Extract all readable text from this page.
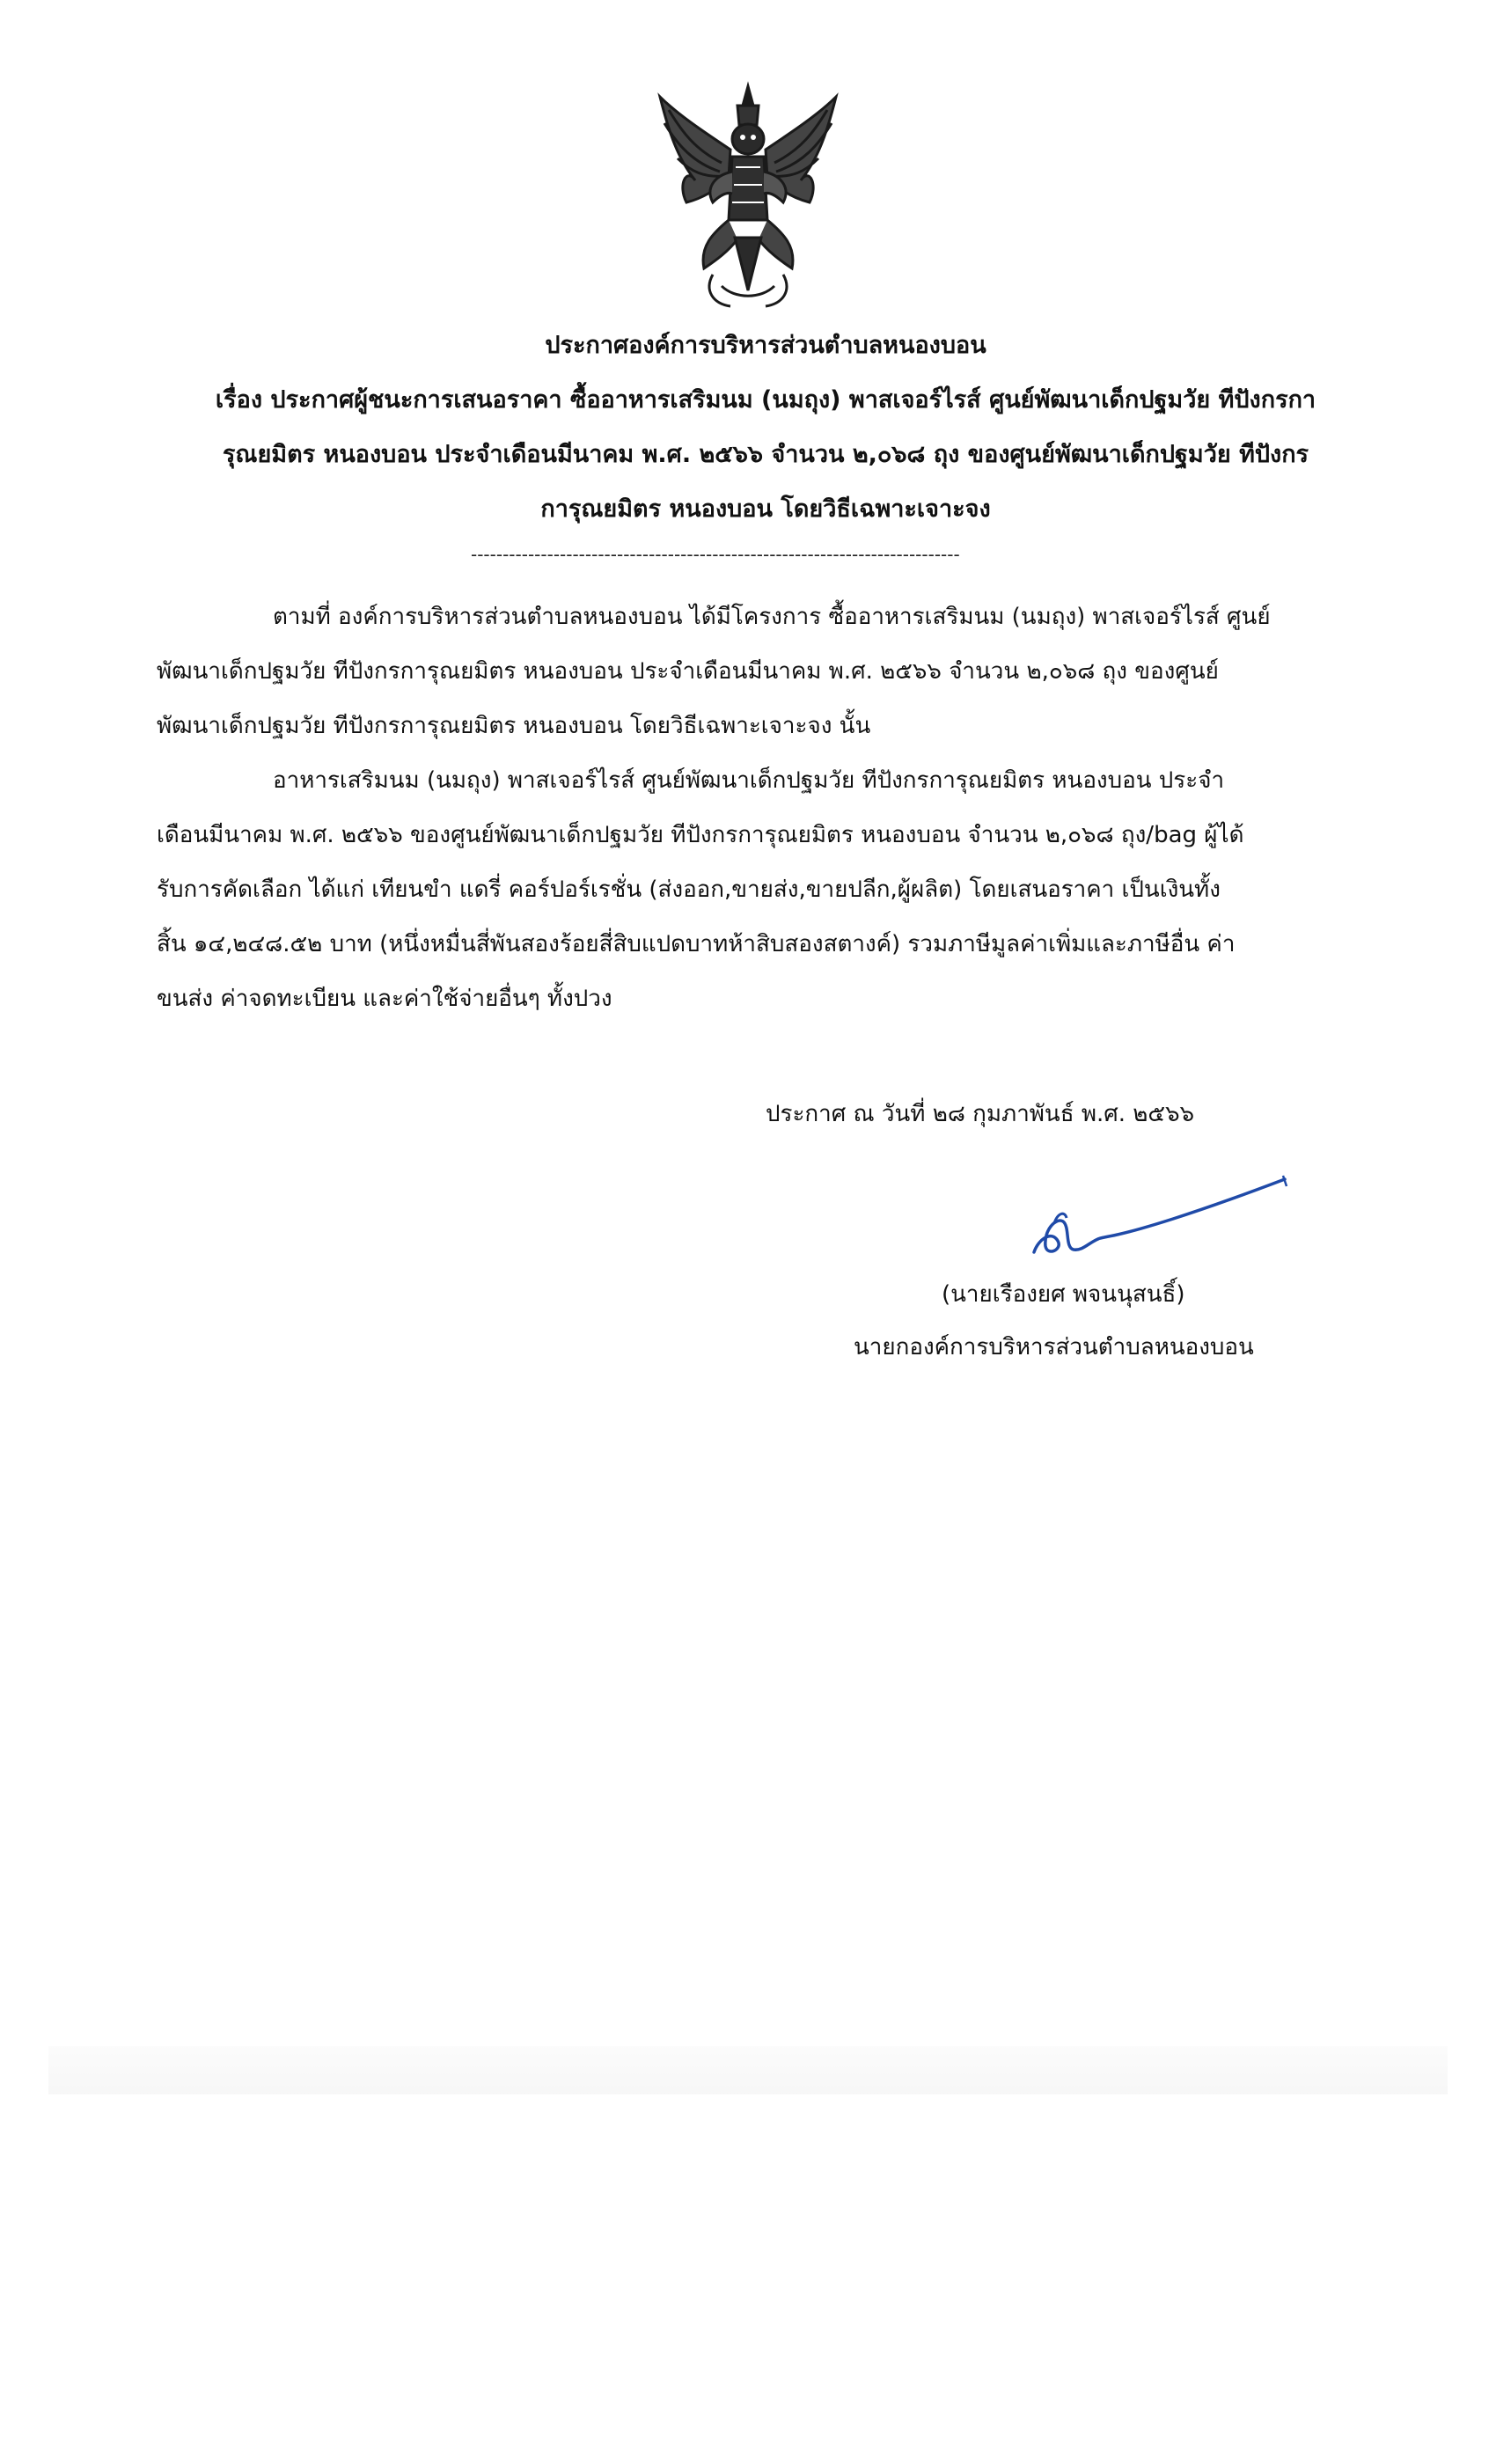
ประกาศองค์การบริหารส่วนตำบลหนองบอน
เรื่อง ประกาศผู้ชนะการเสนอราคา ซื้ออาหารเสริมนม (นมถุง) พาสเจอร์ไรส์ ศูนย์พัฒนาเด็กปฐมวัย ทีปังกรกา
รุณยมิตร หนองบอน ประจำเดือนมีนาคม พ.ศ. ๒๕๖๖ จำนวน ๒,๐๖๘ ถุง ของศูนย์พัฒนาเด็กปฐมวัย ทีปังกร
การุณยมิตร หนองบอน โดยวิธีเฉพาะเจาะจง
-----------------------------------------------------------------------------
ตามที่ องค์การบริหารส่วนตำบลหนองบอน ได้มีโครงการ ซื้ออาหารเสริมนม (นมถุง) พาสเจอร์ไรส์ ศูนย์
พัฒนาเด็กปฐมวัย ทีปังกรการุณยมิตร หนองบอน ประจำเดือนมีนาคม พ.ศ. ๒๕๖๖ จำนวน ๒,๐๖๘ ถุง ของศูนย์
พัฒนาเด็กปฐมวัย ทีปังกรการุณยมิตร หนองบอน โดยวิธีเฉพาะเจาะจง นั้น
อาหารเสริมนม (นมถุง) พาสเจอร์ไรส์ ศูนย์พัฒนาเด็กปฐมวัย ทีปังกรการุณยมิตร หนองบอน ประจำ
เดือนมีนาคม พ.ศ. ๒๕๖๖ ของศูนย์พัฒนาเด็กปฐมวัย ทีปังกรการุณยมิตร หนองบอน จำนวน ๒,๐๖๘ ถุง/bag ผู้ได้
รับการคัดเลือก ได้แก่ เทียนขำ แดรี่ คอร์ปอร์เรชั่น (ส่งออก,ขายส่ง,ขายปลีก,ผู้ผลิต) โดยเสนอราคา เป็นเงินทั้ง
สิ้น ๑๔,๒๔๘.๕๒ บาท (หนึ่งหมื่นสี่พันสองร้อยสี่สิบแปดบาทห้าสิบสองสตางค์) รวมภาษีมูลค่าเพิ่มและภาษีอื่น ค่า
ขนส่ง ค่าจดทะเบียน และค่าใช้จ่ายอื่นๆ ทั้งปวง
ประกาศ ณ วันที่ ๒๘ กุมภาพันธ์ พ.ศ. ๒๕๖๖
(นายเรืองยศ พจนนุสนธิ์)
นายกองค์การบริหารส่วนตำบลหนองบอน
